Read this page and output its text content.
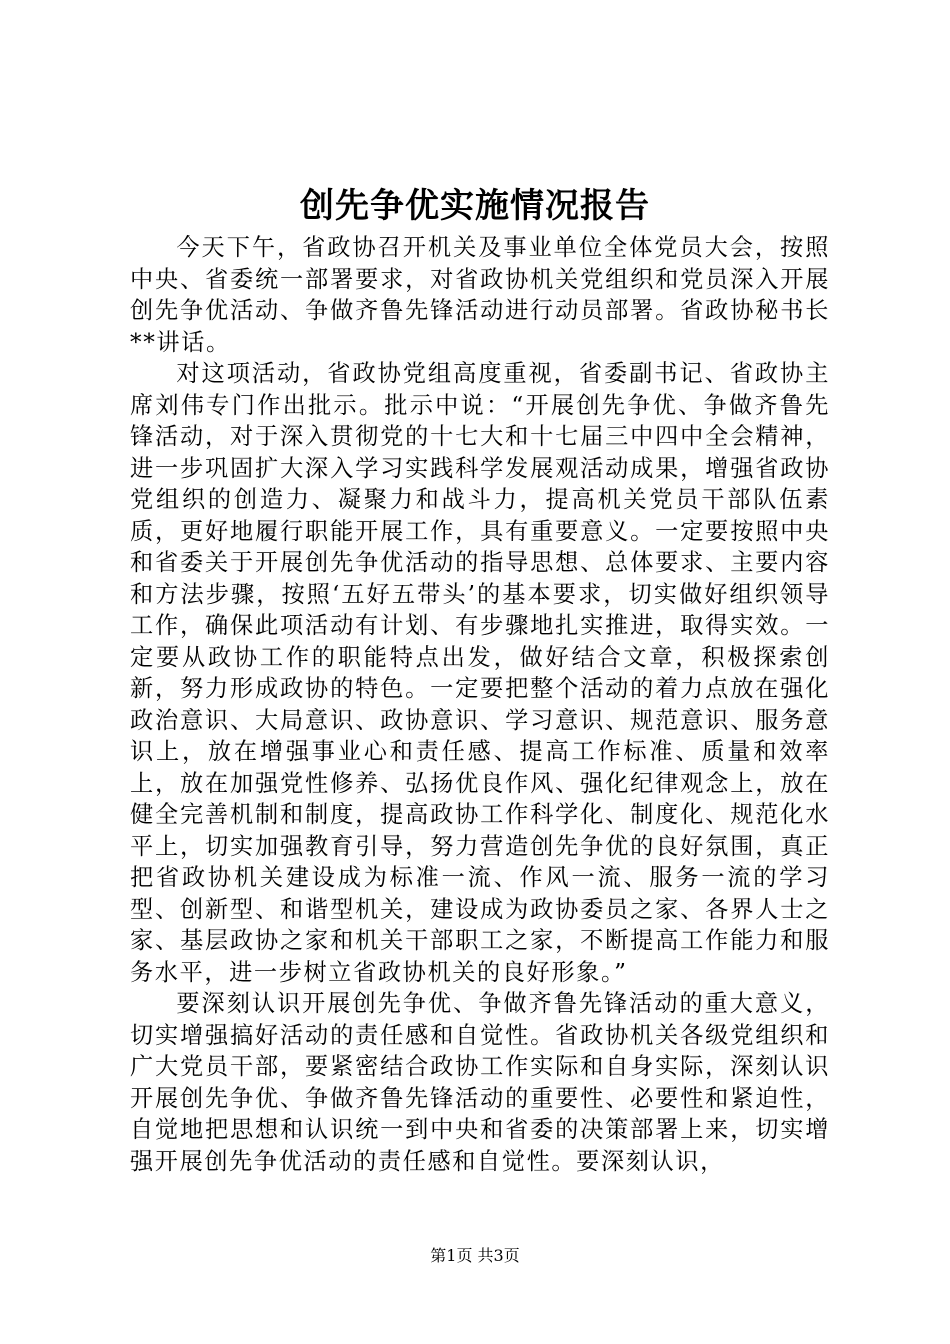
创先争优实施情况报告

今天下午，省政协召开机关及事业单位全体党员大会，按照中央、省委统一部署要求，对省政协机关党组织和党员深入开展创先争优活动、争做齐鲁先锋活动进行动员部署。省政协秘书长**讲话。

对这项活动，省政协党组高度重视，省委副书记、省政协主席刘伟专门作出批示。批示中说：“开展创先争优、争做齐鲁先锋活动，对于深入贯彻党的十七大和十七届三中四中全会精神，进一步巩固扩大深入学习实践科学发展观活动成果，增强省政协党组织的创造力、凝聚力和战斗力，提高机关党员干部队伍素质，更好地履行职能开展工作，具有重要意义。一定要按照中央和省委关于开展创先争优活动的指导思想、总体要求、主要内容和方法步骤，按照‘五好五带头’的基本要求，切实做好组织领导工作，确保此项活动有计划、有步骤地扎实推进，取得实效。一定要从政协工作的职能特点出发，做好结合文章，积极探索创新，努力形成政协的特色。一定要把整个活动的着力点放在强化政治意识、大局意识、政协意识、学习意识、规范意识、服务意识上，放在增强事业心和责任感、提高工作标准、质量和效率上，放在加强党性修养、弘扬优良作风、强化纪律观念上，放在健全完善机制和制度，提高政协工作科学化、制度化、规范化水平上，切实加强教育引导，努力营造创先争优的良好氛围，真正把省政协机关建设成为标准一流、作风一流、服务一流的学习型、创新型、和谐型机关，建设成为政协委员之家、各界人士之家、基层政协之家和机关干部职工之家，不断提高工作能力和服务水平，进一步树立省政协机关的良好形象。”

要深刻认识开展创先争优、争做齐鲁先锋活动的重大意义，切实增强搞好活动的责任感和自觉性。省政协机关各级党组织和广大党员干部，要紧密结合政协工作实际和自身实际，深刻认识开展创先争优、争做齐鲁先锋活动的重要性、必要性和紧迫性，自觉地把思想和认识统一到中央和省委的决策部署上来，切实增强开展创先争优活动的责任感和自觉性。要深刻认识，

第1页 共3页
